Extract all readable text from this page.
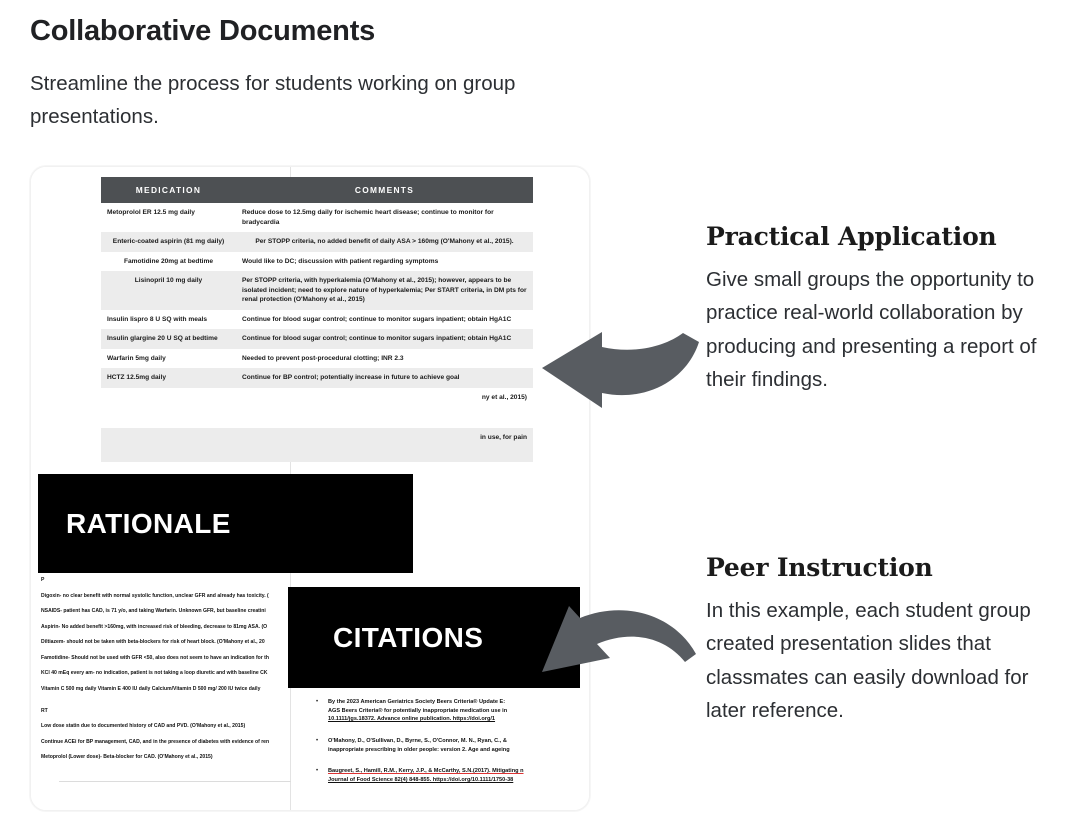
Collaborative Documents

Streamline the process for students working on group presentations.

MEDICATION	COMMENTS
Metoprolol ER 12.5 mg daily	Reduce dose to 12.5mg daily for ischemic heart disease; continue to monitor for bradycardia
Enteric-coated aspirin (81 mg daily)	Per STOPP criteria, no added benefit of daily ASA > 160mg (O'Mahony et al., 2015).
Famotidine 20mg at bedtime	Would like to DC; discussion with patient regarding symptoms
Lisinopril 10 mg daily	Per STOPP criteria, with hyperkalemia (O'Mahony et al., 2015); however, appears to be isolated incident; need to explore nature of hyperkalemia; Per START criteria, in DM pts for renal protection (O'Mahony et al., 2015)
Insulin lispro 8 U SQ with meals	Continue for blood sugar control; continue to monitor sugars inpatient; obtain HgA1C
Insulin glargine 20 U SQ at bedtime	Continue for blood sugar control; continue to monitor sugars inpatient; obtain HgA1C
Warfarin 5mg daily	Needed to prevent post-procedural clotting; INR 2.3
HCTZ 12.5mg daily	Continue for BP control; potentially increase in future to achieve goal
	ny et al., 2015)
	in use, for pain
P
Digoxin- no clear benefit with normal systolic function, unclear GFR and already has toxicity. (
NSAIDS- patient has CAD, is 71 y/o, and taking Warfarin. Unknown GFR, but baseline creatini
Aspirin- No added benefit >160mg, with increased risk of bleeding, decrease to 81mg ASA. (O
Diltiazem- should not be taken with beta-blockers for risk of heart block. (O'Mahony et al., 20
Famotidine- Should not be used with GFR <50, also does not seem to have an indication for th
KCl 40 mEq every am- no indication, patient is not taking a loop diuretic and with baseline CK
Vitamin C 500 mg daily Vitamin E 400 IU daily Calcium/Vitamin D 500 mg/ 200 IU twice daily
RT
Low dose statin due to documented history of CAD and PVD. (O'Mahony et al., 2015)
Continue ACEi for BP management, CAD, and in the presence of diabetes with evidence of ren
Metoprolol (Lower dose)- Beta-blocker for CAD. (O'Mahony et al., 2015)
•	By the 2023 American Geriatrics Society Beers Criteria® Update E:
AGS Beers Criteria® for potentially inappropriate medication use in
10.1111/jgs.18372. Advance online publication. https://doi.org/1
•	O'Mahony, D., O'Sullivan, D., Byrne, S., O'Connor, M. N., Ryan, C., &
inappropriate prescribing in older people: version 2. Age and ageing
•	Baugreet, S., Hamill, R.M., Kerry, J.P., & McCarthy, S.N.(2017). Mitigating n
Journal of Food Science 82(4) 848-855. https://doi.org/10.1111/1750-38
RATIONALE
CITATIONS
Practical Application

Give small groups the opportunity to practice real-world collaboration by producing and presenting a report of their findings.

Peer Instruction

In this example, each student group created presentation slides that classmates can easily download for later reference.
